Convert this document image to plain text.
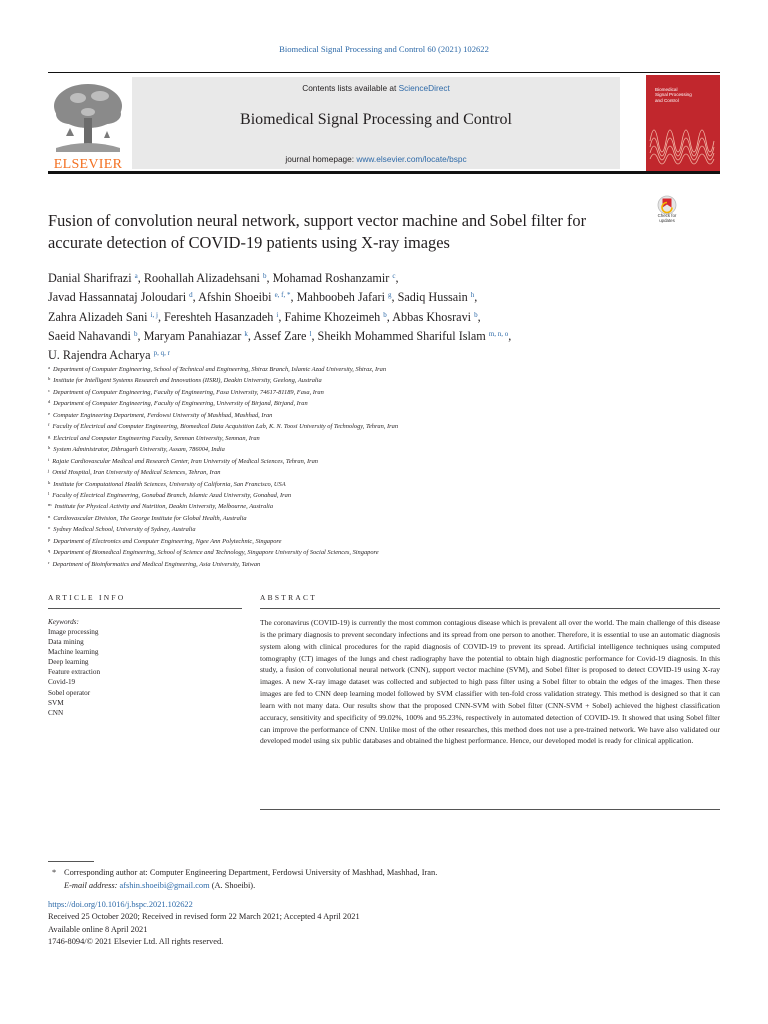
Biomedical Signal Processing and Control 60 (2021) 102622
ELSEVIER
Contents lists available at ScienceDirect
Biomedical Signal Processing and Control
journal homepage: www.elsevier.com/locate/bspc
Biomedical
Signal Processing
and Control
Fusion of convolution neural network, support vector machine and Sobel filter for accurate detection of COVID-19 patients using X-ray images
Check for
updates
Danial Sharifrazi $^a$, Roohallah Alizadehsani $^b$, Mohamad Roshanzamir $^c$,
Javad Hassannataj Joloudari $^d$, Afshin Shoeibi $^{e, f, *}$, Mahboobeh Jafari $^g$, Sadiq Hussain $^h$,
Zahra Alizadeh Sani $^{i, j}$, Fereshteh Hasanzadeh $^i$, Fahime Khozeimeh $^b$, Abbas Khosravi $^b$,
Saeid Nahavandi $^b$, Maryam Panahiazar $^k$, Assef Zare $^l$, Sheikh Mohammed Shariful Islam $^{m, n, o}$,
U. Rajendra Acharya $^{p, q, r}$
$^a$ Department of Computer Engineering, School of Technical and Engineering, Shiraz Branch, Islamic Azad University, Shiraz, Iran
$^b$ Institute for Intelligent Systems Research and Innovations (IISRI), Deakin University, Geelong, Australia
$^c$ Department of Computer Engineering, Faculty of Engineering, Fasa University, 74617-81189, Fasa, Iran
$^d$ Department of Computer Engineering, Faculty of Engineering, University of Birjand, Birjand, Iran
$^e$ Computer Engineering Department, Ferdowsi University of Mashhad, Mashhad, Iran
$^f$ Faculty of Electrical and Computer Engineering, Biomedical Data Acquisition Lab, K. N. Toosi University of Technology, Tehran, Iran
$^g$ Electrical and Computer Engineering Faculty, Semnan University, Semnan, Iran
$^h$ System Administrator, Dibrugarh University, Assam, 786004, India
$^i$ Rajaie Cardiovascular Medical and Research Center, Iran University of Medical Sciences, Tehran, Iran
$^j$ Omid Hospital, Iran University of Medical Sciences, Tehran, Iran
$^k$ Institute for Computational Health Sciences, University of California, San Francisco, USA
$^l$ Faculty of Electrical Engineering, Gonabad Branch, Islamic Azad University, Gonabad, Iran
$^m$ Institute for Physical Activity and Nutrition, Deakin University, Melbourne, Australia
$^n$ Cardiovascular Division, The George Institute for Global Health, Australia
$^o$ Sydney Medical School, University of Sydney, Australia
$^p$ Department of Electronics and Computer Engineering, Ngee Ann Polytechnic, Singapore
$^q$ Department of Biomedical Engineering, School of Science and Technology, Singapore University of Social Sciences, Singapore
$^r$ Department of Bioinformatics and Medical Engineering, Asia University, Taiwan
ARTICLE INFO	ABSTRACT
Keywords:
Image processing
Data mining
Machine learning
Deep learning
Feature extraction
Covid-19
Sobel operator
SVM
CNN
The coronavirus (COVID-19) is currently the most common contagious disease which is prevalent all over the world. The main challenge of this disease is the primary diagnosis to prevent secondary infections and its spread from one person to another. Therefore, it is essential to use an automatic diagnosis system along with clinical procedures for the rapid diagnosis of COVID-19 to prevent its spread. Artificial intelligence techniques using computed tomography (CT) images of the lungs and chest radiography have the potential to obtain high diagnostic performance for Covid-19 diagnosis. In this study, a fusion of convolutional neural network (CNN), support vector machine (SVM), and Sobel filter is proposed to detect COVID-19 using X-ray images. A new X-ray image dataset was collected and subjected to high pass filter using a Sobel filter to obtain the edges of the images. Then these images are fed to CNN deep learning model followed by SVM classifier with ten-fold cross validation strategy. This method is designed so that it can learn with not many data. Our results show that the proposed CNN-SVM with Sobel filter (CNN-SVM + Sobel) achieved the highest classification accuracy, sensitivity and specificity of 99.02%, 100% and 95.23%, respectively in automated detection of COVID-19. It showed that using Sobel filter can improve the performance of CNN. Unlike most of the other researches, this method does not use a pre-trained network. We have also validated our developed model using six public databases and obtained the highest performance. Hence, our developed model is ready for clinical application.
* Corresponding author at: Computer Engineering Department, Ferdowsi University of Mashhad, Mashhad, Iran.
E-mail address: afshin.shoeibi@gmail.com (A. Shoeibi).
https://doi.org/10.1016/j.bspc.2021.102622
Received 25 October 2020; Received in revised form 22 March 2021; Accepted 4 April 2021
Available online 8 April 2021
1746-8094/© 2021 Elsevier Ltd. All rights reserved.
